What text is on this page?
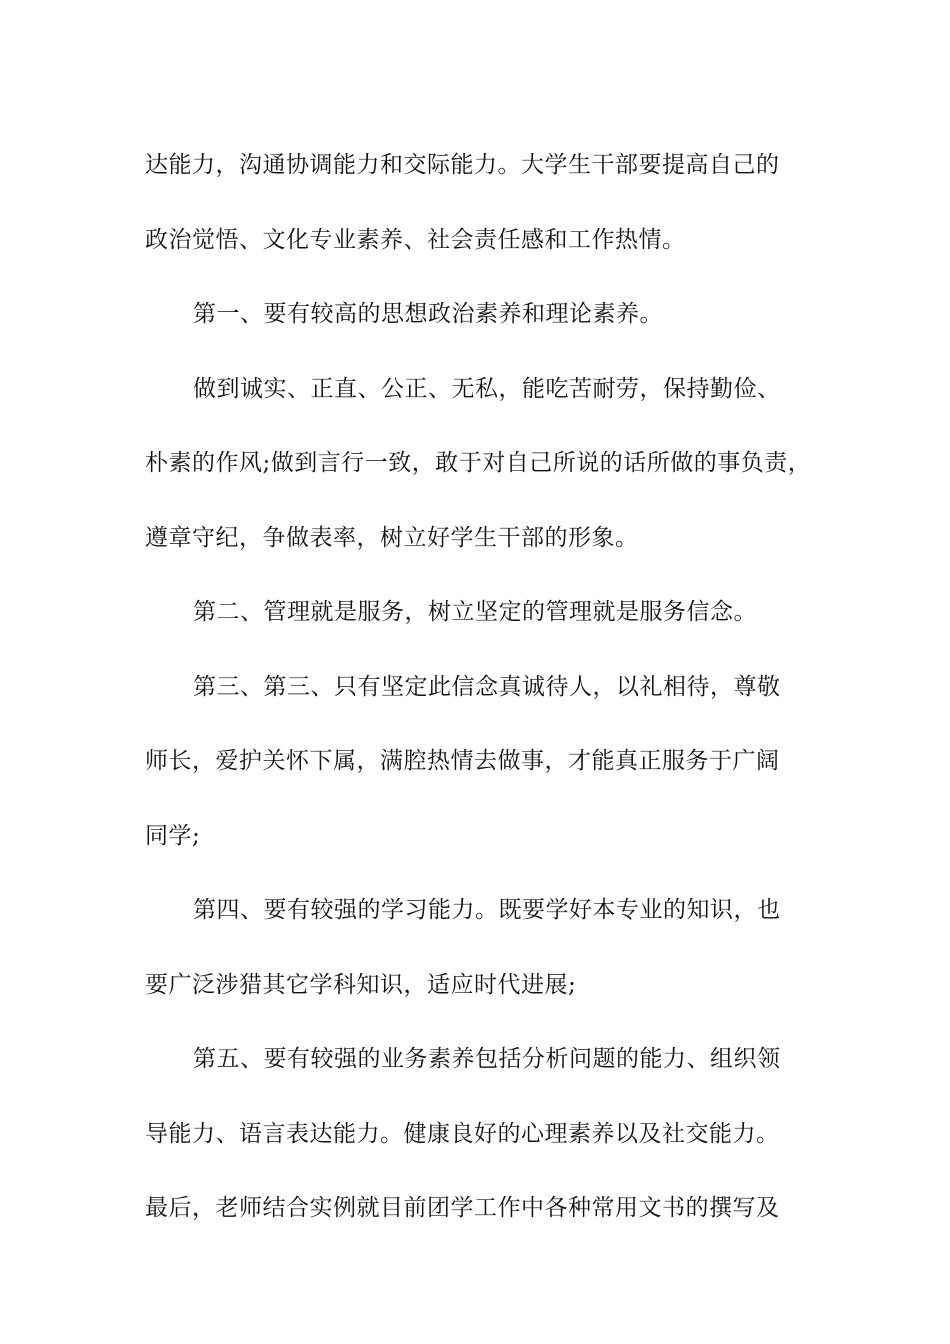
达能力，沟通协调能力和交际能力。大学生干部要提高自己的
政治觉悟、文化专业素养、社会责任感和工作热情。
第一、要有较高的思想政治素养和理论素养。
做到诚实、正直、公正、无私，能吃苦耐劳，保持勤俭、
朴素的作风;做到言行一致，敢于对自己所说的话所做的事负责，
遵章守纪，争做表率，树立好学生干部的形象。
第二、管理就是服务，树立坚定的管理就是服务信念。
第三、第三、只有坚定此信念真诚待人，以礼相待，尊敬
师长，爱护关怀下属，满腔热情去做事，才能真正服务于广阔
同学;
第四、要有较强的学习能力。既要学好本专业的知识，也
要广泛涉猎其它学科知识，适应时代进展;
第五、要有较强的业务素养包括分析问题的能力、组织领
导能力、语言表达能力。健康良好的心理素养以及社交能力。
最后，老师结合实例就目前团学工作中各种常用文书的撰写及
